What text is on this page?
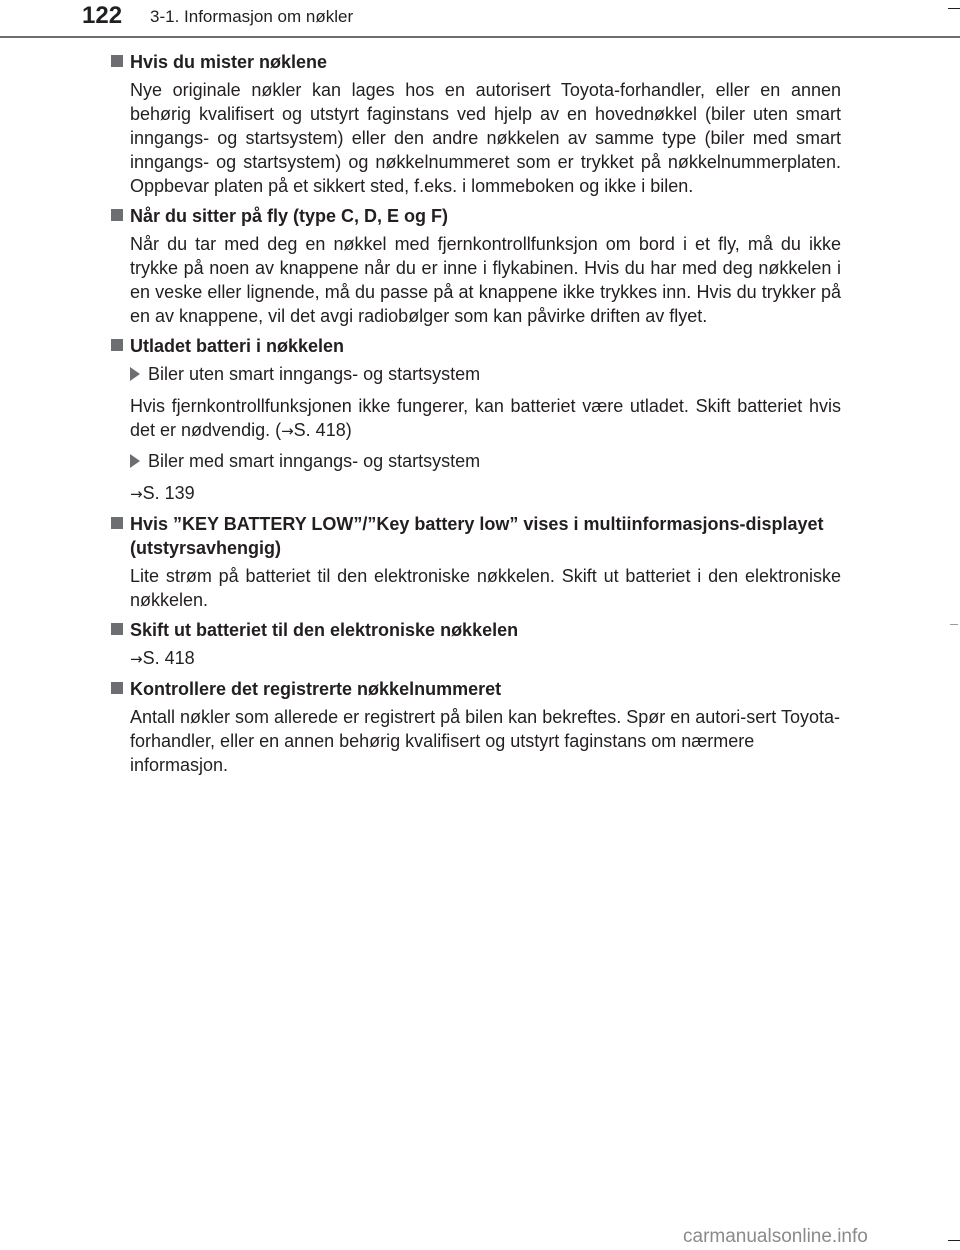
122 3-1. Informasjon om nøkler
Hvis du mister nøklene

Nye originale nøkler kan lages hos en autorisert Toyota-forhandler, eller en annen behørig kvalifisert og utstyrt faginstans ved hjelp av en hovednøkkel (biler uten smart inngangs- og startsystem) eller den andre nøkkelen av samme type (biler med smart inngangs- og startsystem) og nøkkelnummeret som er trykket på nøkkelnummerplaten. Oppbevar platen på et sikkert sted, f.eks. i lommeboken og ikke i bilen.

Når du sitter på fly (type C, D, E og F)

Når du tar med deg en nøkkel med fjernkontrollfunksjon om bord i et fly, må du ikke trykke på noen av knappene når du er inne i flykabinen. Hvis du har med deg nøkkelen i en veske eller lignende, må du passe på at knappene ikke trykkes inn. Hvis du trykker på en av knappene, vil det avgi radiobølger som kan påvirke driften av flyet.

Utladet batteri i nøkkelen
Biler uten smart inngangs- og startsystem

Hvis fjernkontrollfunksjonen ikke fungerer, kan batteriet være utladet. Skift batteriet hvis det er nødvendig. (→S. 418)

Biler med smart inngangs- og startsystem

→S. 139

Hvis ”KEY BATTERY LOW”/”Key battery low” vises i multiinformasjons-displayet (utstyrsavhengig)

Lite strøm på batteriet til den elektroniske nøkkelen. Skift ut batteriet i den elektroniske nøkkelen.

Skift ut batteriet til den elektroniske nøkkelen

→S. 418

Kontrollere det registrerte nøkkelnummeret

Antall nøkler som allerede er registrert på bilen kan bekreftes. Spør en autori-sert Toyota-forhandler, eller en annen behørig kvalifisert og utstyrt faginstans om nærmere informasjon.

carmanualsonline.info
